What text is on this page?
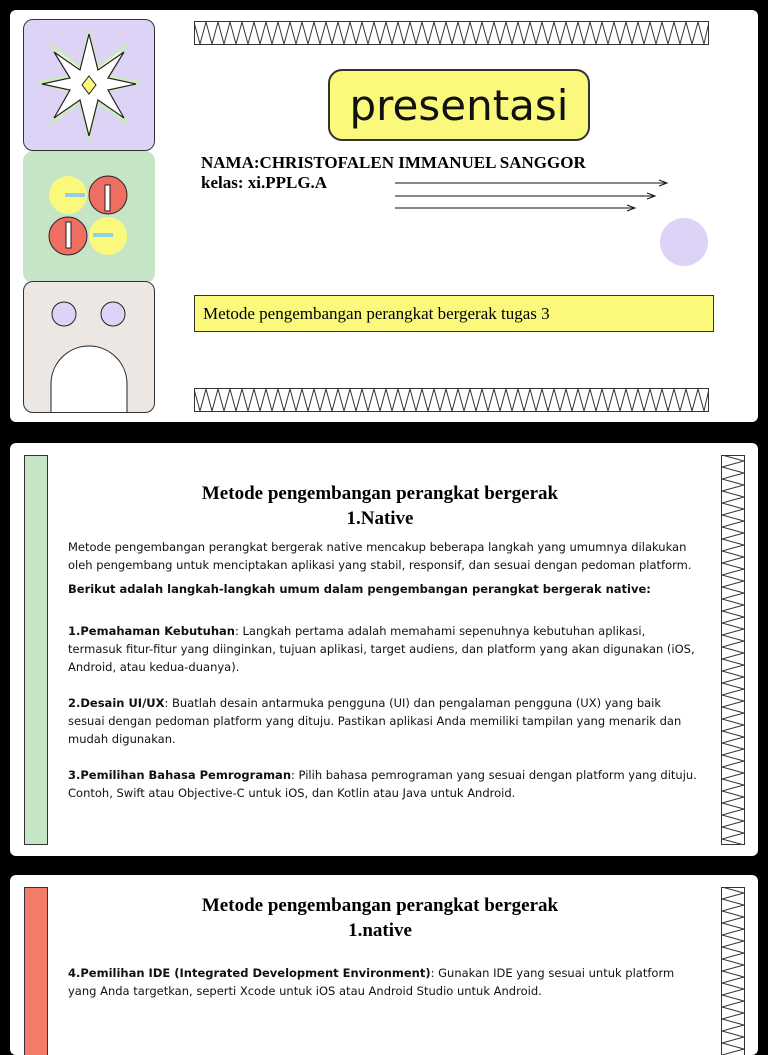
presentasi
NAMA:CHRISTOFALEN IMMANUEL SANGGOR
kelas: xi.PPLG.A
Metode pengembangan perangkat bergerak tugas 3
Metode pengembangan perangkat bergerak
1.Native

Metode pengembangan perangkat bergerak native mencakup beberapa langkah yang umumnya dilakukan oleh pengembang untuk menciptakan aplikasi yang stabil, responsif, dan sesuai dengan pedoman platform.

Berikut adalah langkah-langkah umum dalam pengembangan perangkat bergerak native:

1.Pemahaman Kebutuhan: Langkah pertama adalah memahami sepenuhnya kebutuhan aplikasi, termasuk fitur-fitur yang diinginkan, tujuan aplikasi, target audiens, dan platform yang akan digunakan (iOS, Android, atau kedua-duanya).

2.Desain UI/UX: Buatlah desain antarmuka pengguna (UI) dan pengalaman pengguna (UX) yang baik sesuai dengan pedoman platform yang dituju. Pastikan aplikasi Anda memiliki tampilan yang menarik dan mudah digunakan.

3.Pemilihan Bahasa Pemrograman: Pilih bahasa pemrograman yang sesuai dengan platform yang dituju. Contoh, Swift atau Objective-C untuk iOS, dan Kotlin atau Java untuk Android.

Metode pengembangan perangkat bergerak
1.native

4.Pemilihan IDE (Integrated Development Environment): Gunakan IDE yang sesuai untuk platform yang Anda targetkan, seperti Xcode untuk iOS atau Android Studio untuk Android.
